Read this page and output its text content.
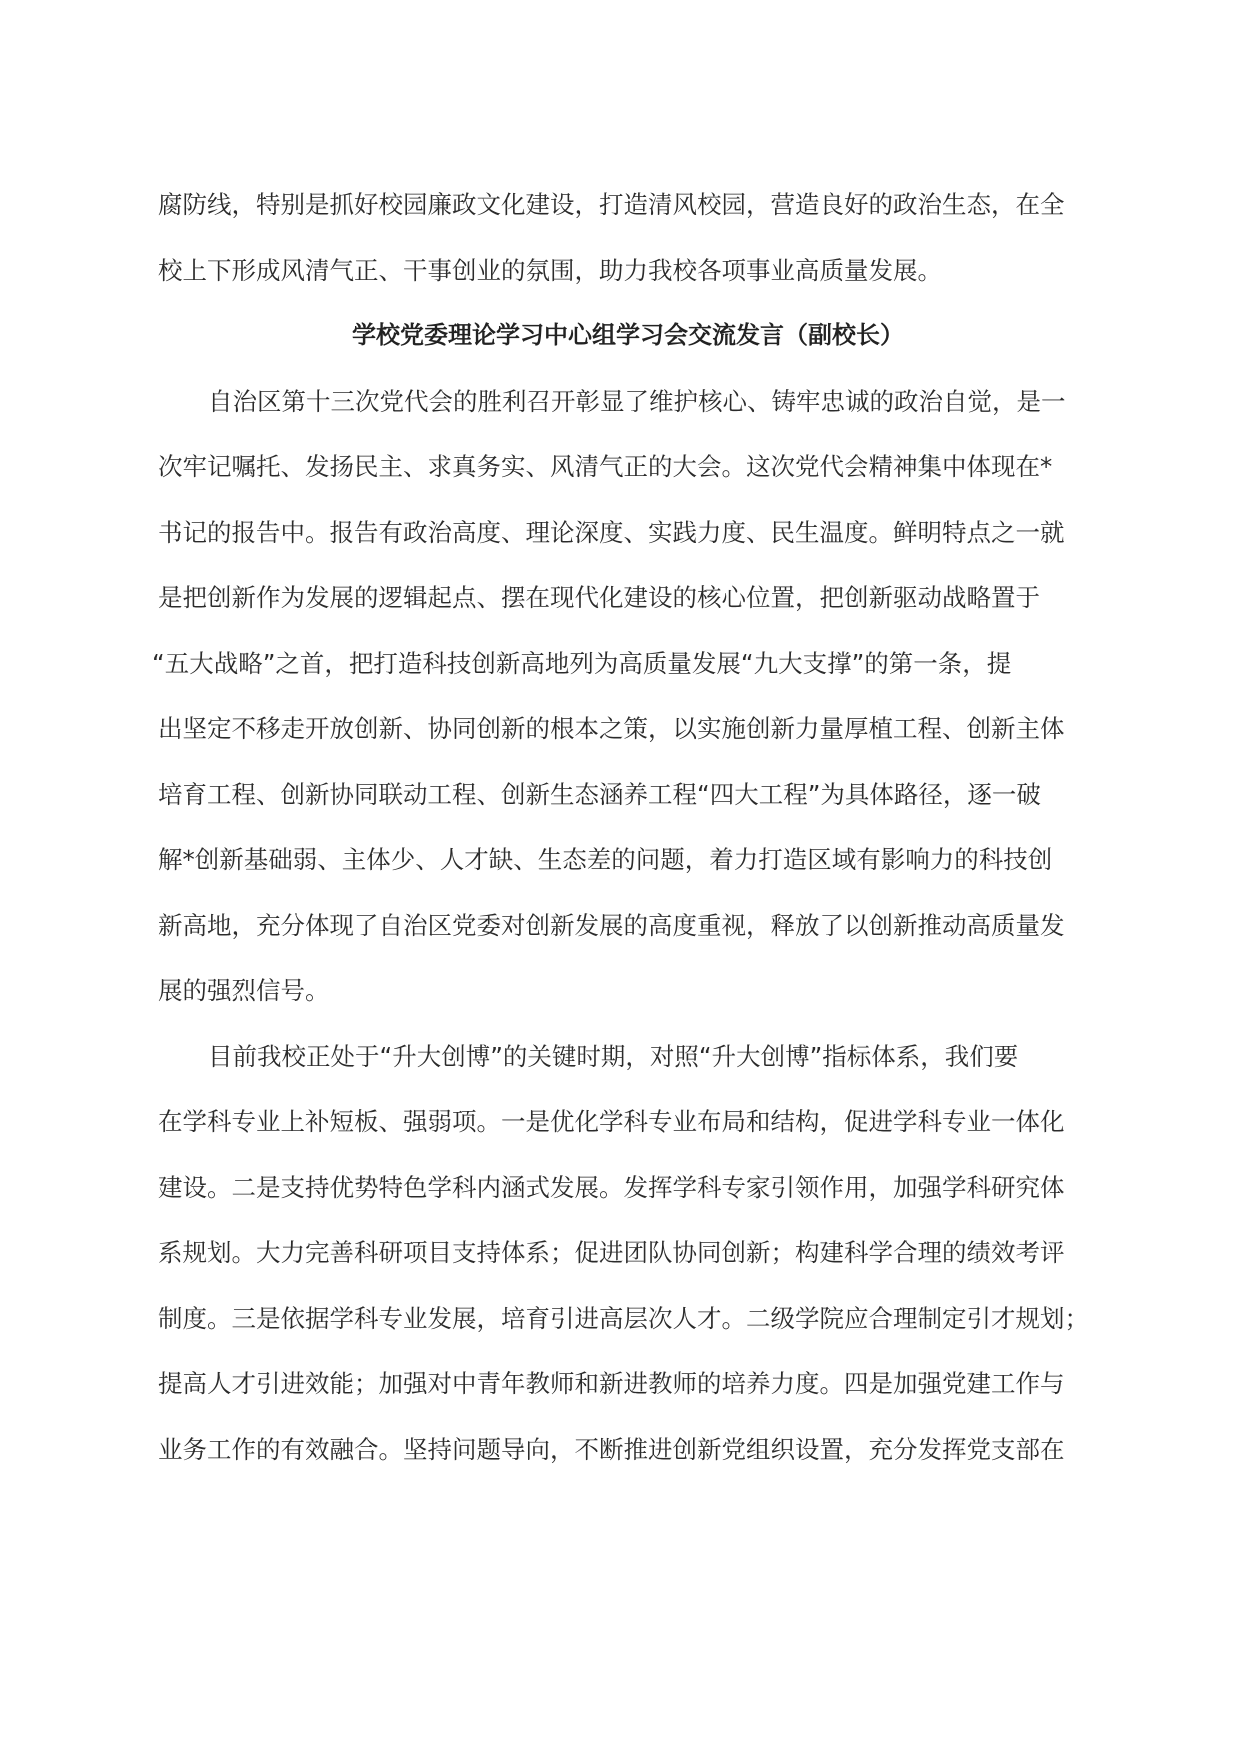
腐防线，特别是抓好校园廉政文化建设，打造清风校园，营造良好的政治生态，在全
校上下形成风清气正、干事创业的氛围，助力我校各项事业高质量发展。
学校党委理论学习中心组学习会交流发言（副校长）
自治区第十三次党代会的胜利召开彰显了维护核心、铸牢忠诚的政治自觉，是一
次牢记嘱托、发扬民主、求真务实、风清气正的大会。这次党代会精神集中体现在*
书记的报告中。报告有政治高度、理论深度、实践力度、民生温度。鲜明特点之一就
是把创新作为发展的逻辑起点、摆在现代化建设的核心位置，把创新驱动战略置于
“五大战略”之首，把打造科技创新高地列为高质量发展“九大支撑”的第一条，提
出坚定不移走开放创新、协同创新的根本之策，以实施创新力量厚植工程、创新主体
培育工程、创新协同联动工程、创新生态涵养工程“四大工程”为具体路径，逐一破
解*创新基础弱、主体少、人才缺、生态差的问题，着力打造区域有影响力的科技创
新高地，充分体现了自治区党委对创新发展的高度重视，释放了以创新推动高质量发
展的强烈信号。
目前我校正处于“升大创博”的关键时期，对照“升大创博”指标体系，我们要
在学科专业上补短板、强弱项。一是优化学科专业布局和结构，促进学科专业一体化
建设。二是支持优势特色学科内涵式发展。发挥学科专家引领作用，加强学科研究体
系规划。大力完善科研项目支持体系；促进团队协同创新；构建科学合理的绩效考评
制度。三是依据学科专业发展，培育引进高层次人才。二级学院应合理制定引才规划；
提高人才引进效能；加强对中青年教师和新进教师的培养力度。四是加强党建工作与
业务工作的有效融合。坚持问题导向，不断推进创新党组织设置，充分发挥党支部在
